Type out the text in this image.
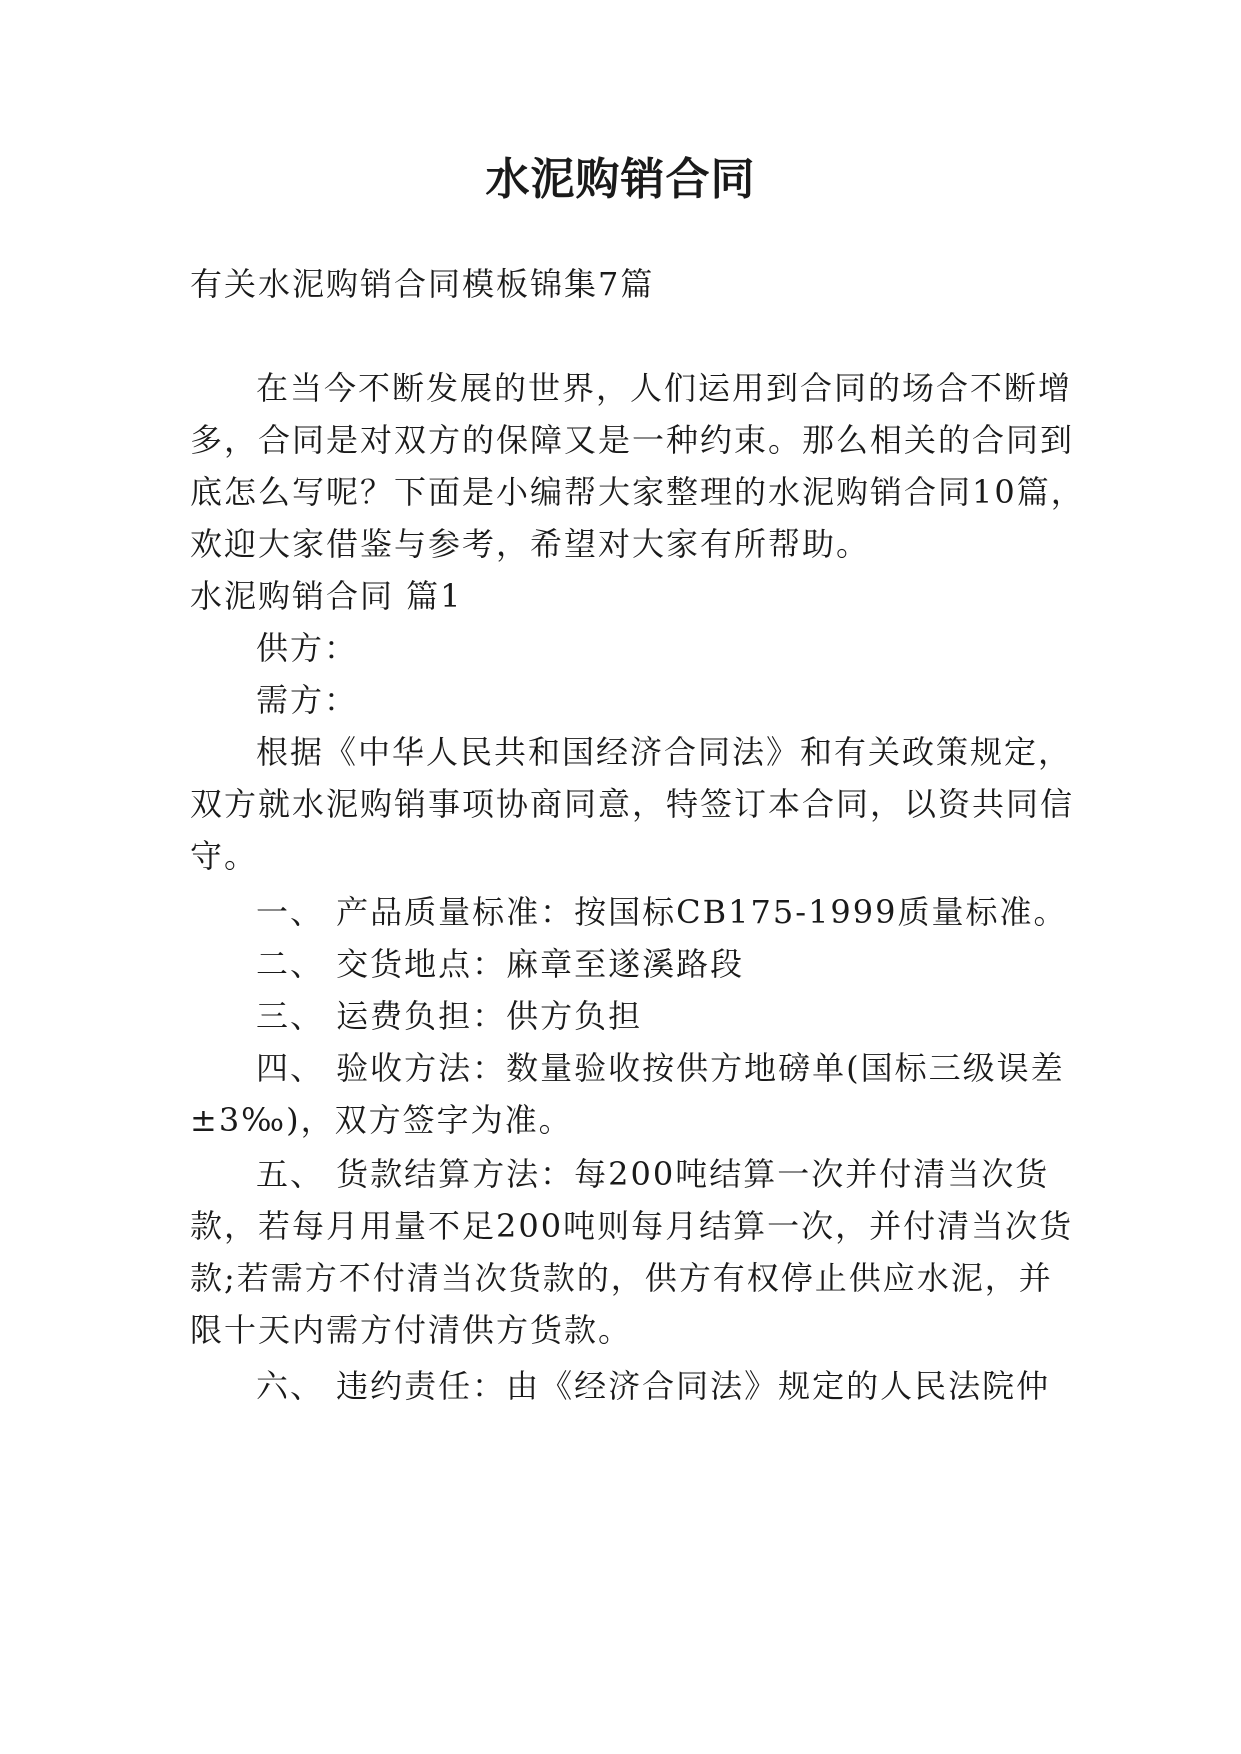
水泥购销合同
有关水泥购销合同模板锦集7篇
在当今不断发展的世界，人们运用到合同的场合不断增
多，合同是对双方的保障又是一种约束。那么相关的合同到
底怎么写呢？下面是小编帮大家整理的水泥购销合同10篇，
欢迎大家借鉴与参考，希望对大家有所帮助。
水泥购销合同 篇1
供方：
需方：
根据《中华人民共和国经济合同法》和有关政策规定，
双方就水泥购销事项协商同意，特签订本合同，以资共同信
守。
一、 产品质量标准：按国标CB175-1999质量标准。
二、 交货地点：麻章至遂溪路段
三、 运费负担：供方负担
四、 验收方法：数量验收按供方地磅单(国标三级误差
±3‰)，双方签字为准。
五、 货款结算方法：每200吨结算一次并付清当次货
款，若每月用量不足200吨则每月结算一次，并付清当次货
款;若需方不付清当次货款的，供方有权停止供应水泥，并
限十天内需方付清供方货款。
六、 违约责任：由《经济合同法》规定的人民法院仲
